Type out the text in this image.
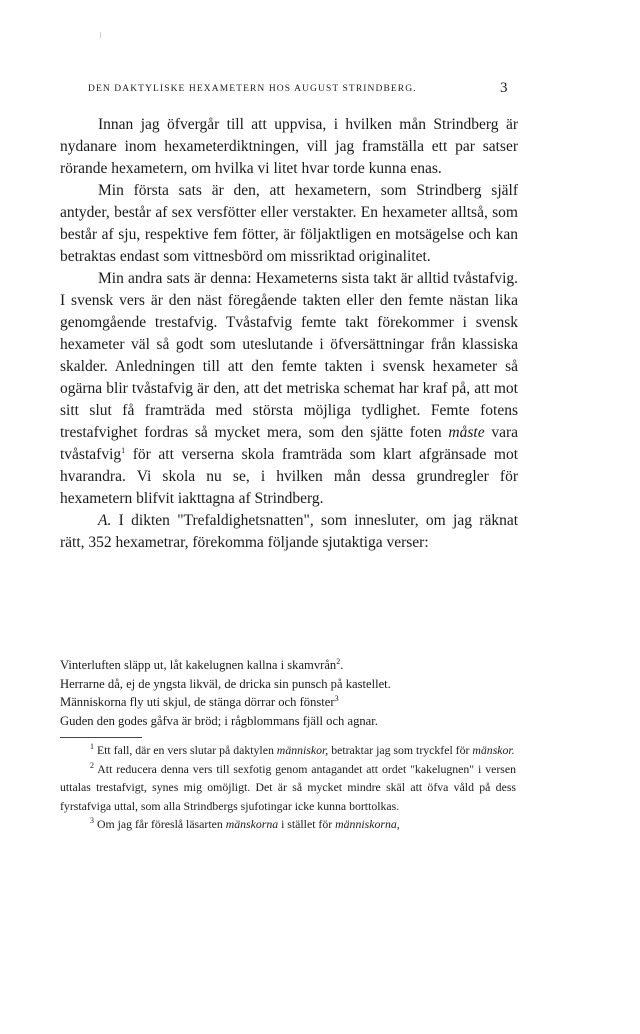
DEN DAKTYLISKE HEXAMETERN HOS AUGUST STRINDBERG.	3

Innan jag öfvergår till att uppvisa, i hvilken mån Strindberg är nydanare inom hexameterdiktningen, vill jag framställa ett par satser rörande hexametern, om hvilka vi litet hvar torde kunna enas.

Min första sats är den, att hexametern, som Strindberg själf antyder, består af sex versfötter eller verstakter. En hexameter alltså, som består af sju, respektive fem fötter, är följaktligen en motsägelse och kan betraktas endast som vittnesbörd om missriktad originalitet.

Min andra sats är denna: Hexameterns sista takt är alltid tvåstafvig. I svensk vers är den näst föregående takten eller den femte nästan lika genomgående trestafvig. Tvåstafvig femte takt förekommer i svensk hexameter väl så godt som uteslutande i öfversättningar från klassiska skalder. Anledningen till att den femte takten i svensk hexameter så ogärna blir tvåstafvig är den, att det metriska schemat har kraf på, att mot sitt slut få framträda med största möjliga tydlighet. Femte fotens trestafvighet fordras så mycket mera, som den sjätte foten måste vara tvåstafvig$^1$ för att verserna skola framträda som klart afgränsade mot hvarandra. Vi skola nu se, i hvilken mån dessa grundregler för hexametern blifvit iakttagna af Strindberg.

A. I dikten "Trefaldighetsnatten", som innesluter, om jag räknat rätt, 352 hexametrar, förekomma följande sjutaktiga verser:

Vinterluften släpp ut, låt kakelugnen kallna i skamvrån$^2$.
Herrarne då, ej de yngsta likväl, de dricka sin punsch på kastellet.
Människorna fly uti skjul, de stänga dörrar och fönster$^3$
Guden den godes gåfva är bröd; i rågblommans fjäll och agnar.

$^1$ Ett fall, där en vers slutar på daktylen människor, betraktar jag som tryckfel för mänskor.

$^2$ Att reducera denna vers till sexfotig genom antagandet att ordet "kakelugnen" i versen uttalas trestafvigt, synes mig omöjligt. Det är så mycket mindre skäl att öfva våld på dess fyrstafviga uttal, som alla Strindbergs sjufotingar icke kunna borttolkas.

$^3$ Om jag får föreslå läsarten mänskorna i stället för människorna,
